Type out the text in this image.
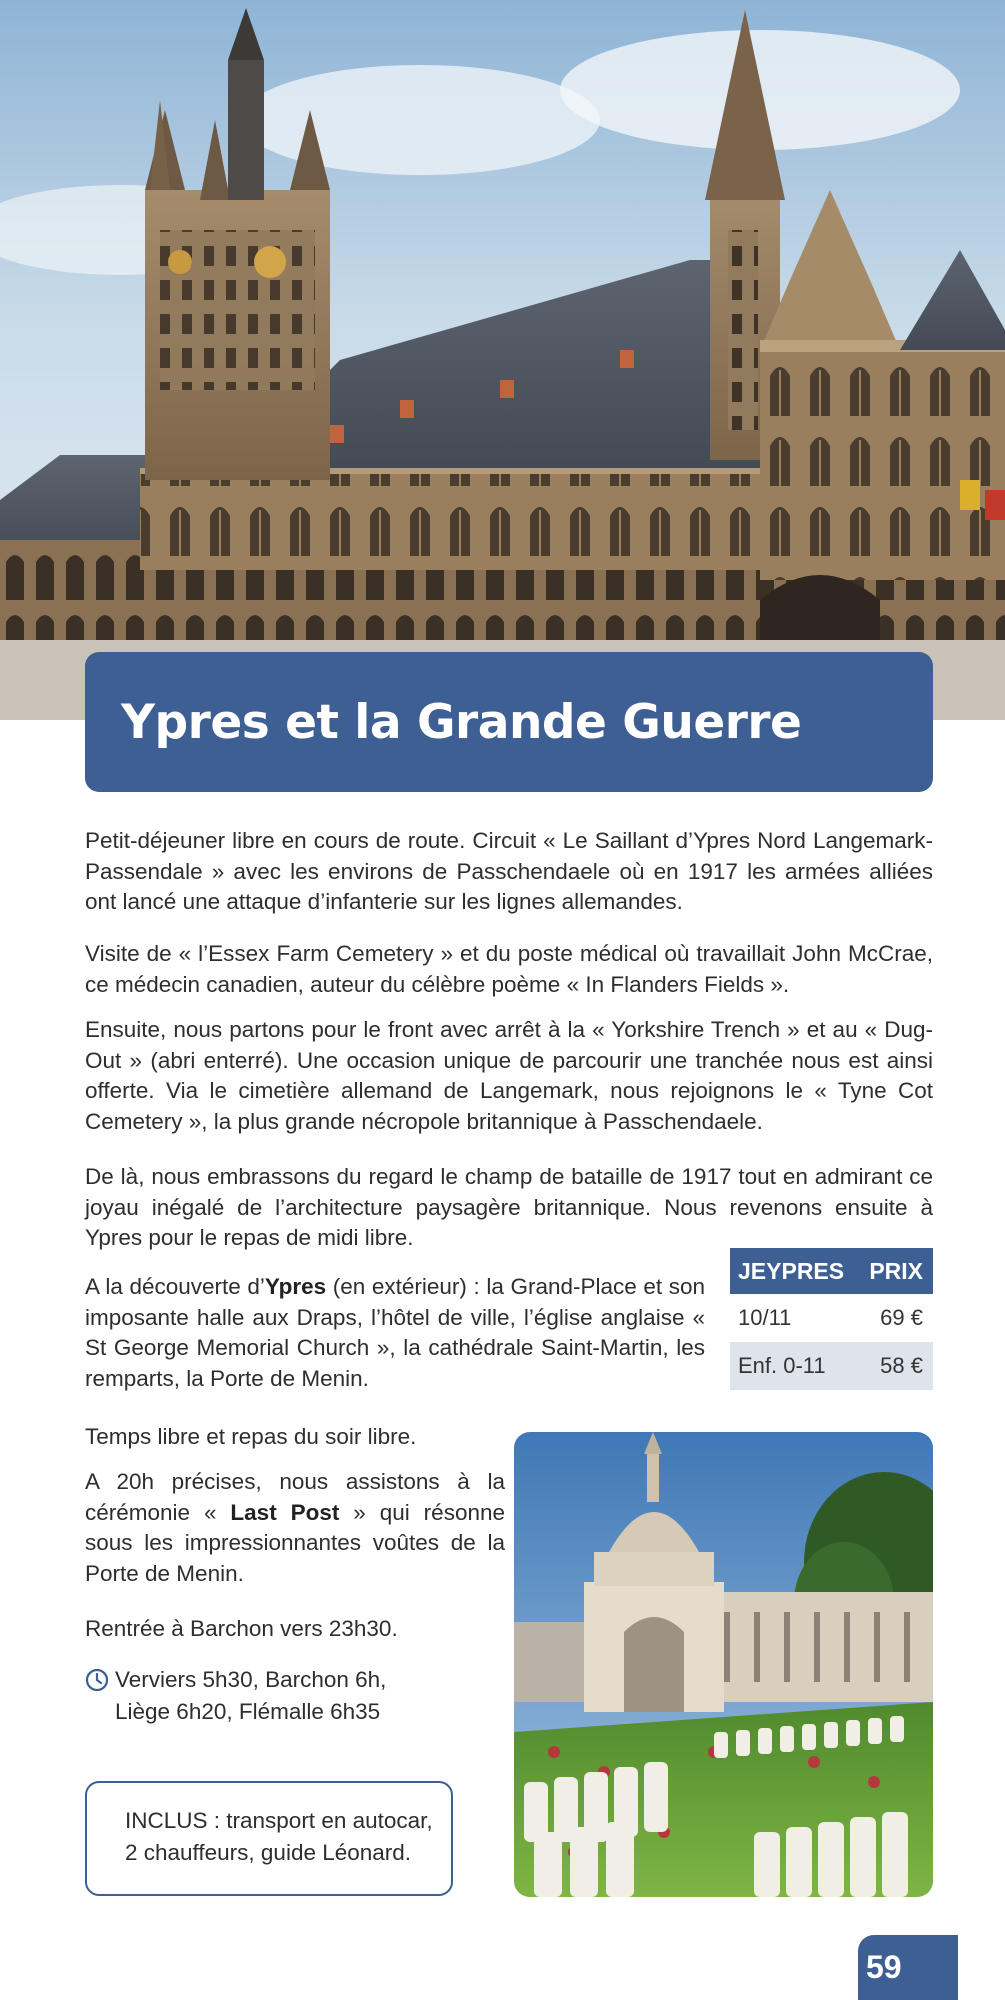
Ypres et la Grande Guerre

Petit-déjeuner libre en cours de route. Circuit « Le Saillant d’Ypres Nord Langemark-Passendale » avec les environs de Passchendaele où en 1917 les armées alliées ont lancé une attaque d’infanterie sur les lignes allemandes.

Visite de « l’Essex Farm Cemetery » et du poste médical où travaillait John McCrae, ce médecin canadien, auteur du célèbre poème « In Flanders Fields ».

Ensuite, nous partons pour le front avec arrêt à la « Yorkshire Trench » et au « Dug-Out » (abri enterré). Une occasion unique de parcourir une tranchée nous est ainsi offerte. Via le cimetière allemand de Langemark, nous rejoignons le « Tyne Cot Cemetery », la plus grande nécropole britannique à Passchendaele.

De là, nous embrassons du regard le champ de bataille de 1917 tout en admirant ce joyau inégalé de l’architecture paysagère britannique. Nous revenons ensuite à Ypres pour le repas de midi libre.

A la découverte d’Ypres (en extérieur) : la Grand-Place et son imposante halle aux Draps, l’hôtel de ville, l’église anglaise « St George Memorial Church », la cathédrale Saint-Martin, les remparts, la Porte de Menin.

Temps libre et repas du soir libre.

A 20h précises, nous assistons à la cérémonie « Last Post » qui résonne sous les impressionnantes voûtes de la Porte de Menin.

Rentrée à Barchon vers 23h30.

Verviers 5h30, Barchon 6h,
Liège 6h20, Flémalle 6h35
JEYPRES PRIX
10/11	69 €
Enf. 0-11 58 €
INCLUS : transport en autocar,
2 chauffeurs, guide Léonard.
59
